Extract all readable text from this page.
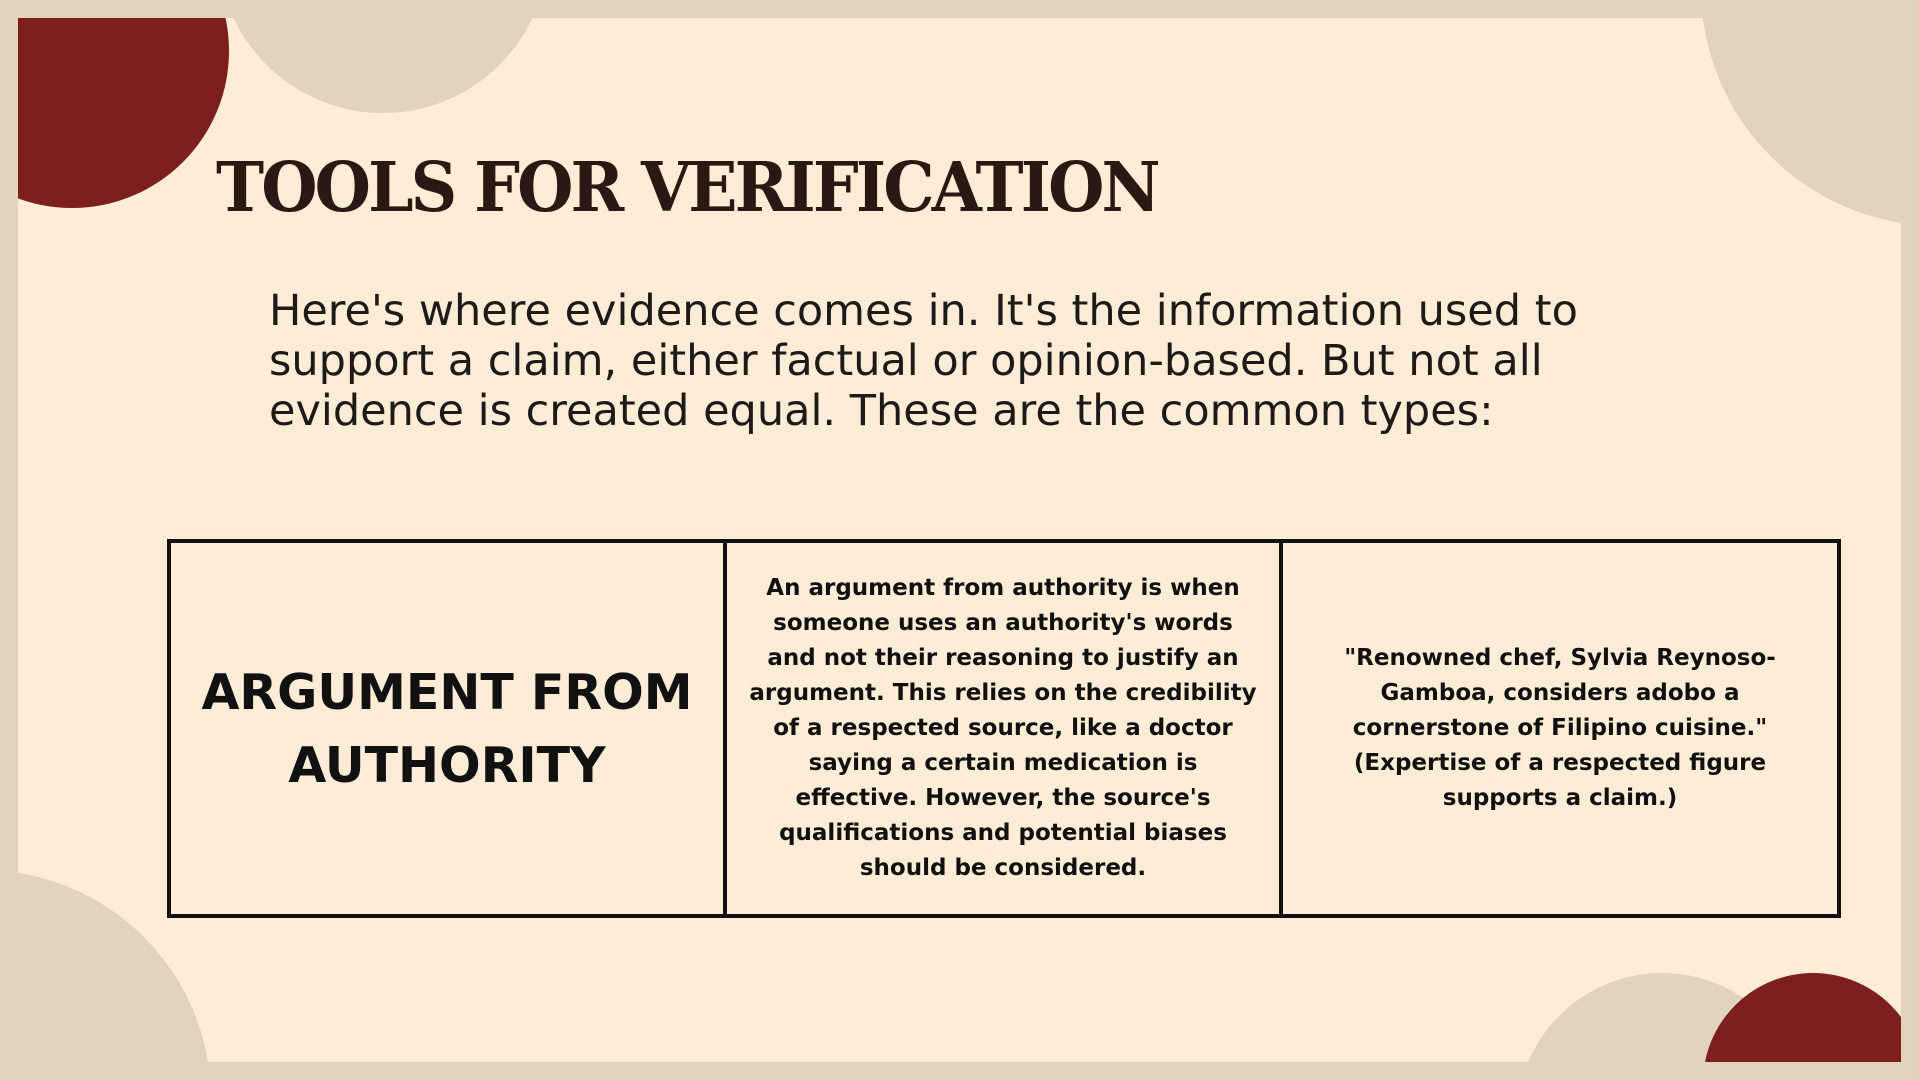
TOOLS FOR VERIFICATION

Here's where evidence comes in. It's the information used to support a claim, either factual or opinion-based. But not all evidence is created equal. These are the common types:

ARGUMENT FROM AUTHORITY
An argument from authority is when someone uses an authority's words and not their reasoning to justify an argument. This relies on the credibility of a respected source, like a doctor saying a certain medication is effective. However, the source's qualifications and potential biases should be considered.
"Renowned chef, Sylvia Reynoso-Gamboa, considers adobo a cornerstone of Filipino cuisine." (Expertise of a respected figure supports a claim.)
